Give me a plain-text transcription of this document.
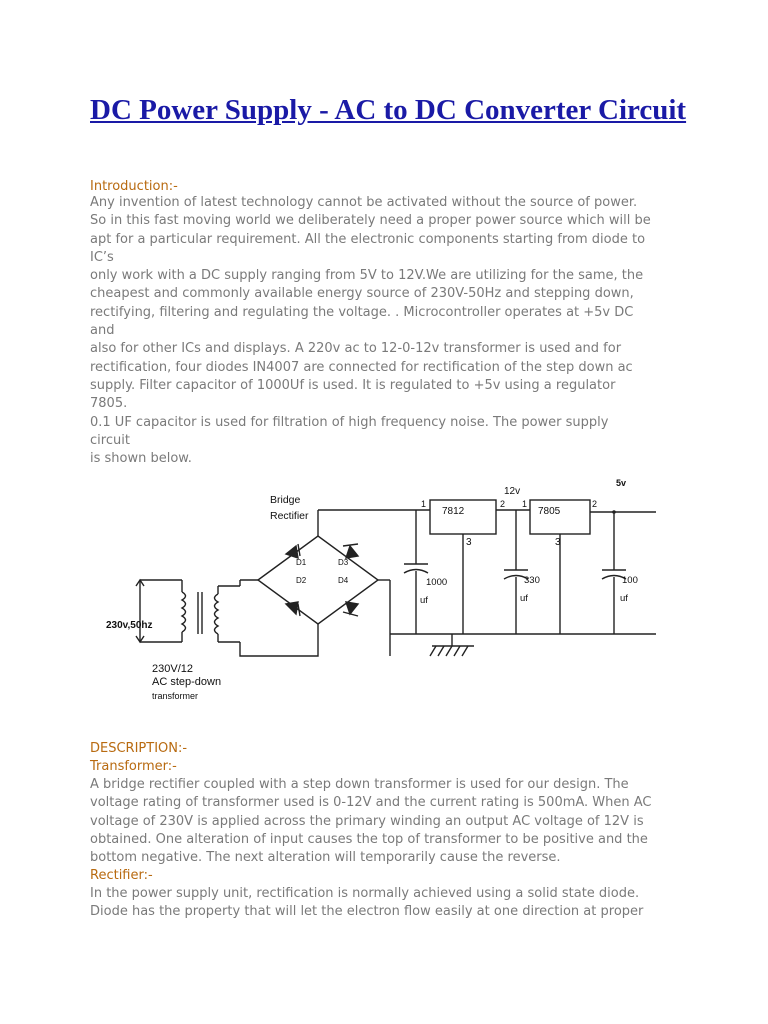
DC Power Supply - AC to DC Converter Circuit
Introduction:-
Any invention of latest technology cannot be activated without the source of power.
So in this fast moving world we deliberately need a proper power source which will be
apt for a particular requirement. All the electronic components starting from diode to
IC’s
only work with a DC supply ranging from 5V to 12V.We are utilizing for the same, the
cheapest and commonly available energy source of 230V-50Hz and stepping down,
rectifying, filtering and regulating the voltage. . Microcontroller operates at +5v DC
and
also for other ICs and displays. A 220v ac to 12-0-12v transformer is used and for
rectification, four diodes IN4007 are connected for rectification of the step down ac
supply. Filter capacitor of 1000Uf is used. It is regulated to +5v using a regulator
7805.
0.1 UF capacitor is used for filtration of high frequency noise. The power supply
circuit
is shown below.
Bridge
Rectifier
D1	D3
D2	D4
230v,50hz
230V/12
AC step-down
transformer
7812	7805
12v
5v
1	2
3
1	2
3
1000
uf
330
uf
100
uf
DESCRIPTION:-
Transformer:-
A bridge rectifier coupled with a step down transformer is used for our design. The
voltage rating of transformer used is 0-12V and the current rating is 500mA. When AC
voltage of 230V is applied across the primary winding an output AC voltage of 12V is
obtained. One alteration of input causes the top of transformer to be positive and the
bottom negative. The next alteration will temporarily cause the reverse.
Rectifier:-
In the power supply unit, rectification is normally achieved using a solid state diode.
Diode has the property that will let the electron flow easily at one direction at proper
